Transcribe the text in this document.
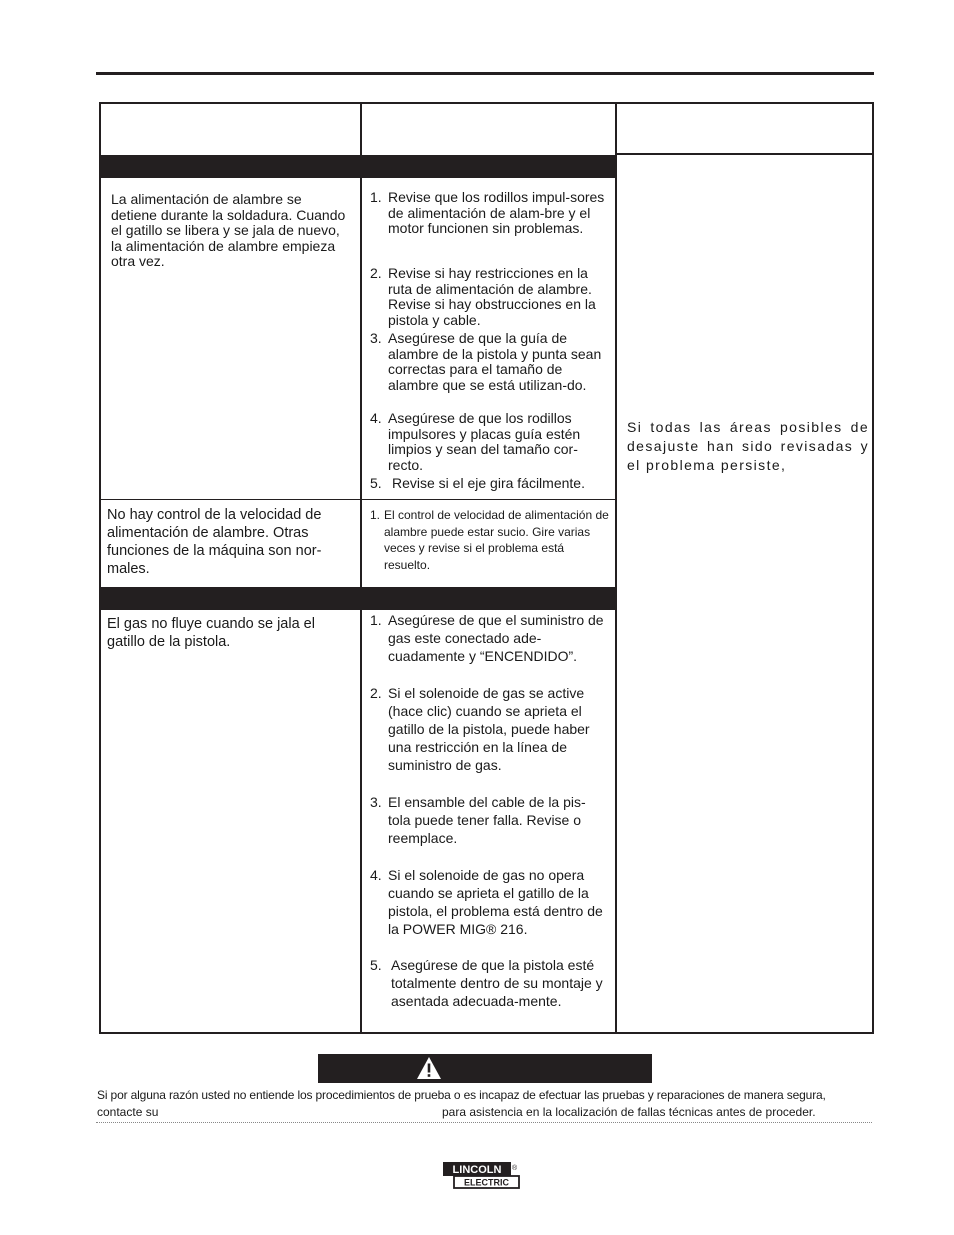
La alimentación de alambre se detiene durante la soldadura. Cuando el gatillo se libera y se jala de nuevo, la alimentación de alambre empieza otra vez.
No hay control de la velocidad de alimentación de alambre. Otras funciones de la máquina son nor-males.
El gas no fluye cuando se jala el gatillo de la pistola.
1. Revise que los rodillos impul-sores de alimentación de alam-bre y el motor funcionen sin problemas.
2. Revise si hay restricciones en la ruta de alimentación de alambre. Revise si hay obstrucciones en la pistola y cable.
3. Asegúrese de que la guía de alambre de la pistola y punta sean correctas para el tamaño de alambre que se está utilizan-do.
4. Asegúrese de que los rodillos impulsores y placas guía estén limpios y sean del tamaño cor-recto.
5. Revise si el eje gira fácilmente.
1. El control de velocidad de alimentación de alambre puede estar sucio. Gire varias veces y revise si el problema está resuelto.
1. Asegúrese de que el suministro de gas este conectado ade-cuadamente y “ENCENDIDO”.
2. Si el solenoide de gas se active (hace clic) cuando se aprieta el gatillo de la pistola, puede haber una restricción en la línea de suministro de gas.
3. El ensamble del cable de la pis-tola puede tener falla. Revise o reemplace.
4. Si el solenoide de gas no opera cuando se aprieta el gatillo de la pistola, el problema está dentro de la POWER MIG® 216.
5. Asegúrese de que la pistola esté totalmente dentro de su montaje y asentada adecuada-mente.
Si todas las áreas posibles de desajuste han sido revisadas y el problema persiste,
Si por alguna razón usted no entiende los procedimientos de prueba o es incapaz de efectuar las pruebas y reparaciones de manera segura,
contacte su	para asistencia en la localización de fallas técnicas antes de proceder.
LINCOLN
ELECTRIC
®
